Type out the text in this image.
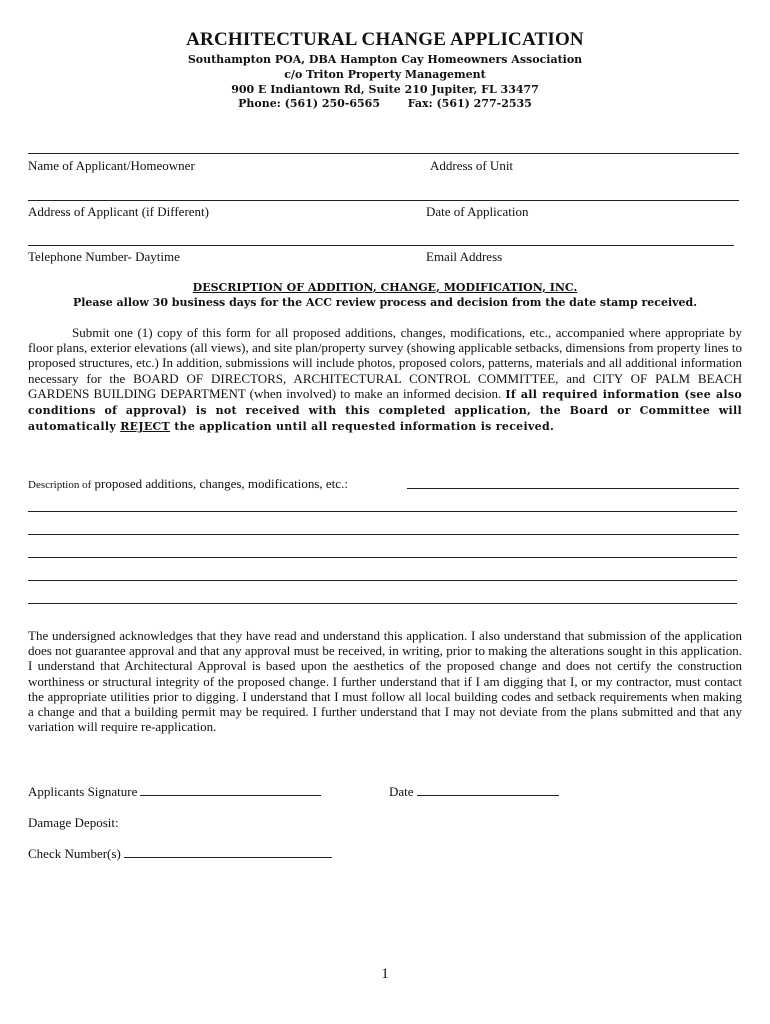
ARCHITECTURAL CHANGE APPLICATION
Southampton POA, DBA Hampton Cay Homeowners Association
c/o Triton Property Management
900 E Indiantown Rd, Suite 210 Jupiter, FL 33477
Phone: (561) 250-6565	Fax: (561) 277-2535
Name of Applicant/Homeowner	Address of Unit
Address of Applicant (if Different)	Date of Application
Telephone Number- Daytime	Email Address
DESCRIPTION OF ADDITION, CHANGE, MODIFICATION, INC.
Please allow 30 business days for the ACC review process and decision from the date stamp received.
Submit one (1) copy of this form for all proposed additions, changes, modifications, etc., accompanied where appropriate by floor plans, exterior elevations (all views), and site plan/property survey (showing applicable setbacks, dimensions from property lines to proposed structures, etc.) In addition, submissions will include photos, proposed colors, patterns, materials and all additional information necessary for the BOARD OF DIRECTORS, ARCHITECTURAL CONTROL COMMITTEE, and CITY OF PALM BEACH GARDENS BUILDING DEPARTMENT (when involved) to make an informed decision. If all required information (see also conditions of approval) is not received with this completed application, the Board or Committee will automatically REJECT the application until all requested information is received.
Description of proposed additions, changes, modifications, etc.:
The undersigned acknowledges that they have read and understand this application. I also understand that submission of the application does not guarantee approval and that any approval must be received, in writing, prior to making the alterations sought in this application. I understand that Architectural Approval is based upon the aesthetics of the proposed change and does not certify the construction worthiness or structural integrity of the proposed change. I further understand that if I am digging that I, or my contractor, must contact the appropriate utilities prior to digging. I understand that I must follow all local building codes and setback requirements when making a change and that a building permit may be required. I further understand that I may not deviate from the plans submitted and that any variation will require re-application.
Applicants Signature	Date
Damage Deposit:
Check Number(s)
1
